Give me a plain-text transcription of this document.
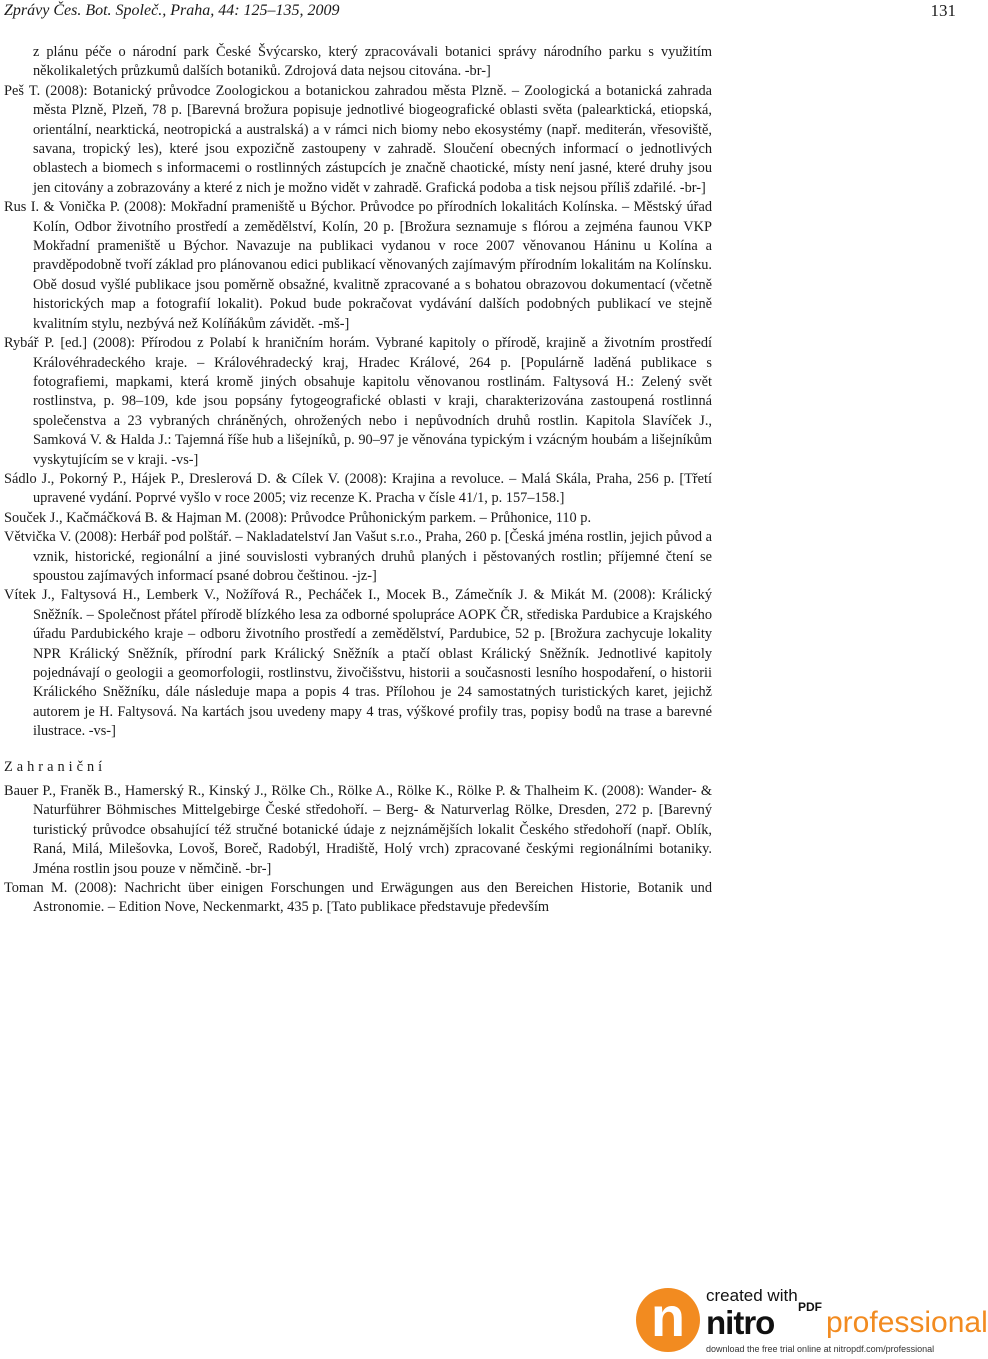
Zprávy Čes. Bot. Společ., Praha, 44: 125–135, 2009	131

z plánu péče o národní park České Švýcarsko, který zpracovávali botanici správy národního parku s využitím několikaletých průzkumů dalších botaniků. Zdrojová data nejsou citována. -br-]

Peš T. (2008): Botanický průvodce Zoologickou a botanickou zahradou města Plzně. – Zoologická a botanická zahrada města Plzně, Plzeň, 78 p. [Barevná brožura popisuje jednotlivé biogeografické oblasti světa (palearktická, etiopská, orientální, nearktická, neotropická a australská) a v rámci nich biomy nebo ekosystémy (např. mediterán, vřesoviště, savana, tropický les), které jsou expozičně zastoupeny v zahradě. Sloučení obecných informací o jednotlivých oblastech a biomech s informacemi o rostlinných zástupcích je značně chaotické, místy není jasné, které druhy jsou jen citovány a zobrazovány a které z nich je možno vidět v zahradě. Grafická podoba a tisk nejsou příliš zdařilé. -br-]

Rus I. & Vonička P. (2008): Mokřadní prameniště u Býchor. Průvodce po přírodních lokalitách Kolínska. – Městský úřad Kolín, Odbor životního prostředí a zemědělství, Kolín, 20 p. [Brožura seznamuje s flórou a zejména faunou VKP Mokřadní prameniště u Býchor. Navazuje na publikaci vydanou v roce 2007 věnovanou Háninu u Kolína a pravděpodobně tvoří základ pro plánovanou edici publikací věnovaných zajímavým přírodním lokalitám na Kolínsku. Obě dosud vyšlé publikace jsou poměrně obsažné, kvalitně zpracované a s bohatou obrazovou dokumentací (včetně historických map a fotografií lokalit). Pokud bude pokračovat vydávání dalších podobných publikací ve stejně kvalitním stylu, nezbývá než Kolíňákům závidět. -mš-]

Rybář P. [ed.] (2008): Přírodou z Polabí k hraničním horám. Vybrané kapitoly o přírodě, krajině a životním prostředí Královéhradeckého kraje. – Královéhradecký kraj, Hradec Králové, 264 p. [Populárně laděná publikace s fotografiemi, mapkami, která kromě jiných obsahuje kapitolu věnovanou rostlinám. Faltysová H.: Zelený svět rostlinstva, p. 98–109, kde jsou popsány fytogeografické oblasti v kraji, charakterizována zastoupená rostlinná společenstva a 23 vybraných chráněných, ohrožených nebo i nepůvodních druhů rostlin. Kapitola Slavíček J., Samková V. & Halda J.: Tajemná říše hub a lišejníků, p. 90–97 je věnována typickým i vzácným houbám a lišejníkům vyskytujícím se v kraji. -vs-]

Sádlo J., Pokorný P., Hájek P., Dreslerová D. & Cílek V. (2008): Krajina a revoluce. – Malá Skála, Praha, 256 p. [Třetí upravené vydání. Poprvé vyšlo v roce 2005; viz recenze K. Pracha v čísle 41/1, p. 157–158.]

Souček J., Kačmáčková B. & Hajman M. (2008): Průvodce Průhonickým parkem. – Průhonice, 110 p.

Větvička V. (2008): Herbář pod polštář. – Nakladatelství Jan Vašut s.r.o., Praha, 260 p. [Česká jména rostlin, jejich původ a vznik, historické, regionální a jiné souvislosti vybraných druhů planých i pěstovaných rostlin; příjemné čtení se spoustou zajímavých informací psané dobrou češtinou. -jz-]

Vítek J., Faltysová H., Lemberk V., Nožířová R., Pecháček I., Mocek B., Zámečník J. & Mikát M. (2008): Králický Sněžník. – Společnost přátel přírodě blízkého lesa za odborné spolupráce AOPK ČR, střediska Pardubice a Krajského úřadu Pardubického kraje – odboru životního prostředí a zemědělství, Pardubice, 52 p. [Brožura zachycuje lokality NPR Králický Sněžník, přírodní park Králický Sněžník a ptačí oblast Králický Sněžník. Jednotlivé kapitoly pojednávají o geologii a geomorfologii, rostlinstvu, živočišstvu, historii a současnosti lesního hospodaření, o historii Králického Sněžníku, dále následuje mapa a popis 4 tras. Přílohou je 24 samostatných turistických karet, jejichž autorem je H. Faltysová. Na kartách jsou uvedeny mapy 4 tras, výškové profily tras, popisy bodů na trase a barevné ilustrace. -vs-]

Zahraniční

Bauer P., Franěk B., Hamerský R., Kinský J., Rölke Ch., Rölke A., Rölke K., Rölke P. & Thalheim K. (2008): Wander- & Naturführer Böhmisches Mittelgebirge České středohoří. – Berg- & Naturverlag Rölke, Dresden, 272 p. [Barevný turistický průvodce obsahující též stručné botanické údaje z nejznámějších lokalit Českého středohoří (např. Oblík, Raná, Milá, Milešovka, Lovoš, Boreč, Radobýl, Hradiště, Holý vrch) zpracované českými regionálními botaniky. Jména rostlin jsou pouze v němčině. -br-]

Toman M. (2008): Nachricht über einigen Forschungen und Erwägungen aus den Bereichen Historie, Botanik und Astronomie. – Edition Nove, Neckenmarkt, 435 p. [Tato publikace představuje především

n	created with
nitro PDF professional
download the free trial online at nitropdf.com/professional
